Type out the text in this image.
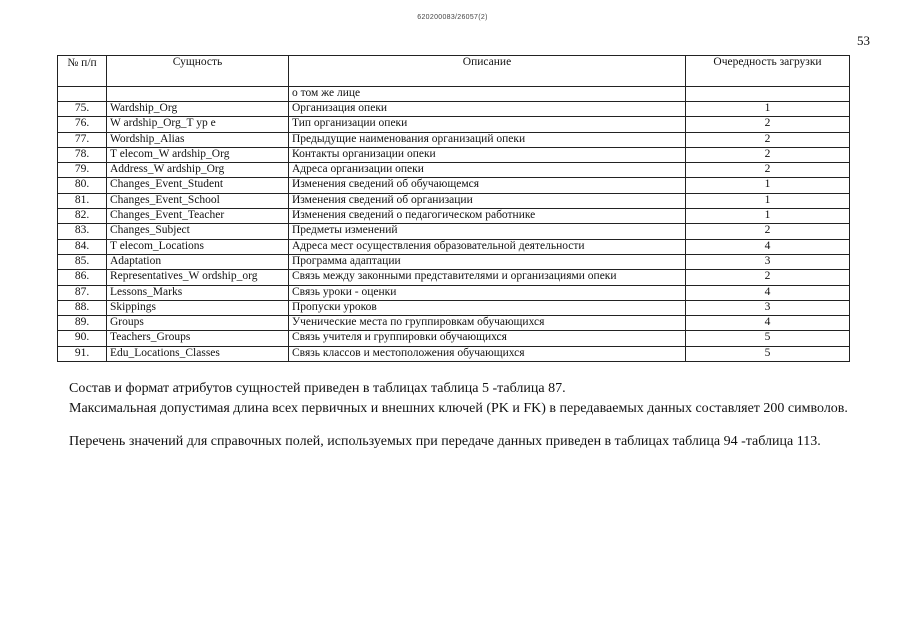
620200083/26057(2)
53
№ п/п	Сущность	Описание	Очередность загрузки
		о том же лице	
75.	Wardship_Org	Организация опеки	1
76.	W ardship_Org_T yp e	Тип организации опеки	2
77.	Wordship_Alias	Предыдущие наименования организаций опеки	2
78.	T elecom_W ardship_Org	Контакты организации опеки	2
79.	Address_W ardship_Org	Адреса организации опеки	2
80.	Changes_Event_Student	Изменения сведений об обучающемся	1
81.	Changes_Event_School	Изменения сведений об организации	1
82.	Changes_Event_Teacher	Изменения сведений о педагогическом работнике	1
83.	Changes_Subject	Предметы изменений	2
84.	T elecom_Locations	Адреса мест осуществления образовательной деятельности	4
85.	Adaptation	Программа адаптации	3
86.	Representatives_W ordship_org	Связь между законными представителями и организациями опеки	2
87.	Lessons_Marks	Связь уроки - оценки	4
88.	Skippings	Пропуски уроков	3
89.	Groups	Ученические места по группировкам обучающихся	4
90.	Teachers_Groups	Связь учителя и группировки обучающихся	5
91.	Edu_Locations_Classes	Связь классов и местоположения обучающихся	5
Состав и формат атрибутов сущностей приведен в таблицах таблица 5 -таблица 87.
Максимальная допустимая длина всех первичных и внешних ключей (PK и FK) в передаваемых данных составляет 200 символов.
Перечень значений для справочных полей, используемых при передаче данных приведен в таблицах таблица 94 -таблица 113.
